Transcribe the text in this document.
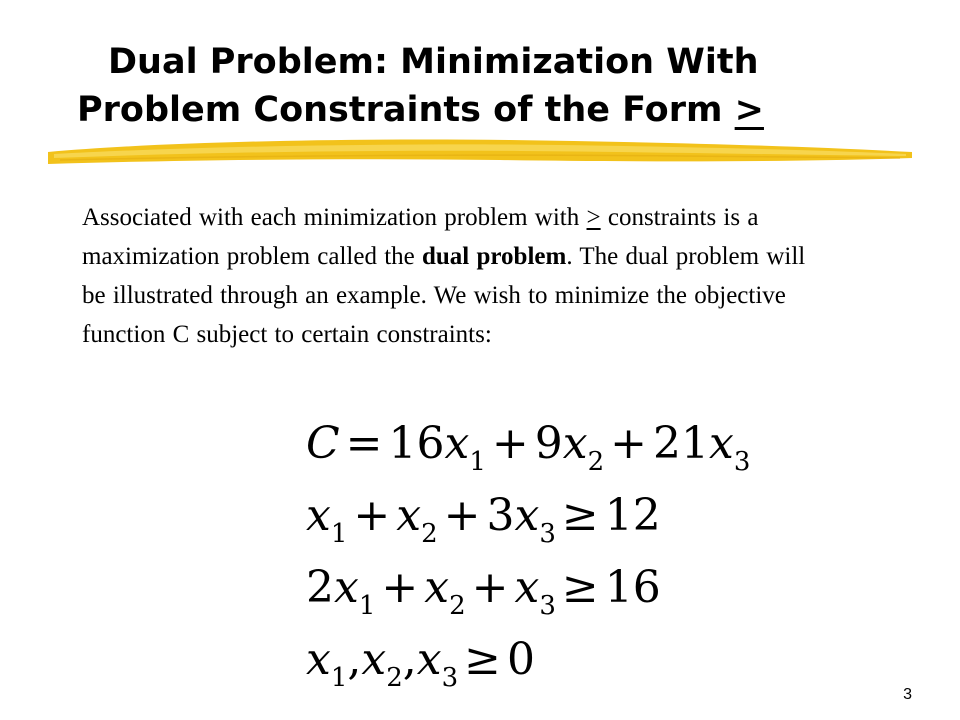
Dual Problem: Minimization With
Problem Constraints of the Form >
Associated with each minimization problem with > constraints is a maximization problem called the dual problem. The dual problem will be illustrated through an example. We wish to minimize the objective function C subject to certain constraints:
$C = 16x_1 + 9x_2 + 21x_3$
$x_1 + x_2 + 3x_3 \ge 12$
$2x_1 + x_2 + x_3 \ge 16$
$x_1,x_2,x_3 \ge 0$
3
